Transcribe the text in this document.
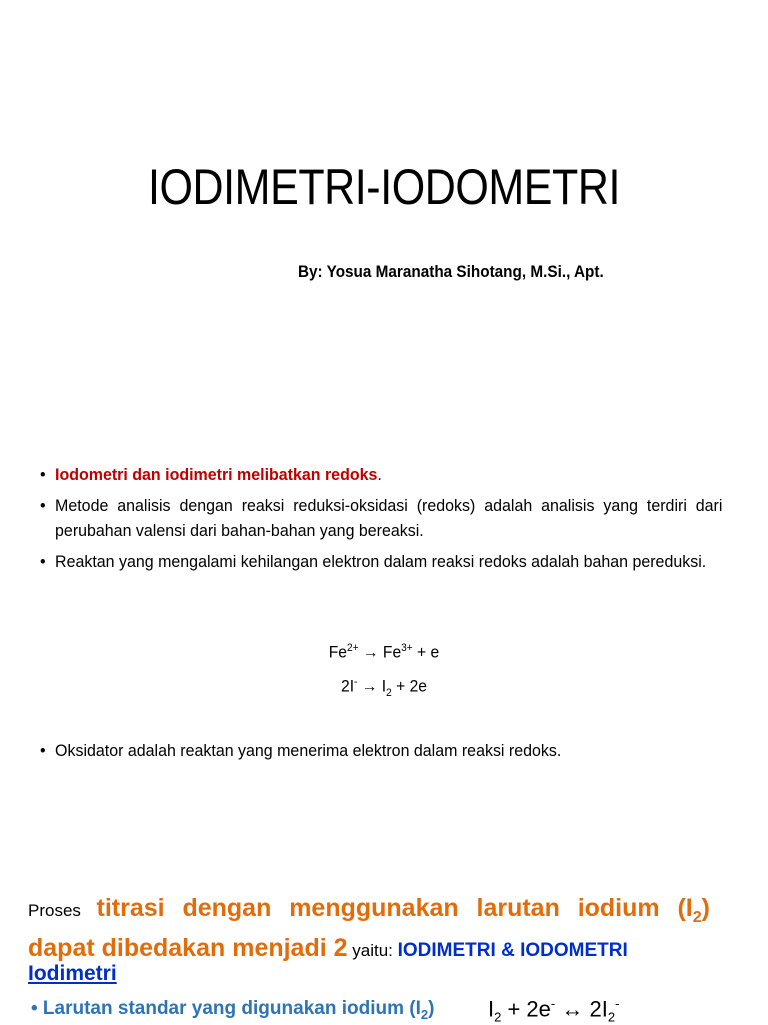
IODIMETRI-IODOMETRI
By: Yosua Maranatha Sihotang, M.Si., Apt.
• Iodometri dan iodimetri melibatkan redoks.
• Metode analisis dengan reaksi reduksi-oksidasi (redoks) adalah analisis yang terdiri dari perubahan valensi dari bahan-bahan yang bereaksi.
• Reaktan yang mengalami kehilangan elektron dalam reaksi redoks adalah bahan pereduksi.
$Fe^{2+} \to Fe^{3+} + e$
$2I^- \to I_2 + 2e$
• Oksidator adalah reaktan yang menerima elektron dalam reaksi redoks.
Proses titrasi dengan menggunakan larutan iodium $(I_2)$ dapat dibedakan menjadi 2 yaitu: IODIMETRI & IODOMETRI
Iodimetri
• Larutan standar yang digunakan iodium $(I_2) I_2 + 2e^-$ ↔ $2I_2^-$
